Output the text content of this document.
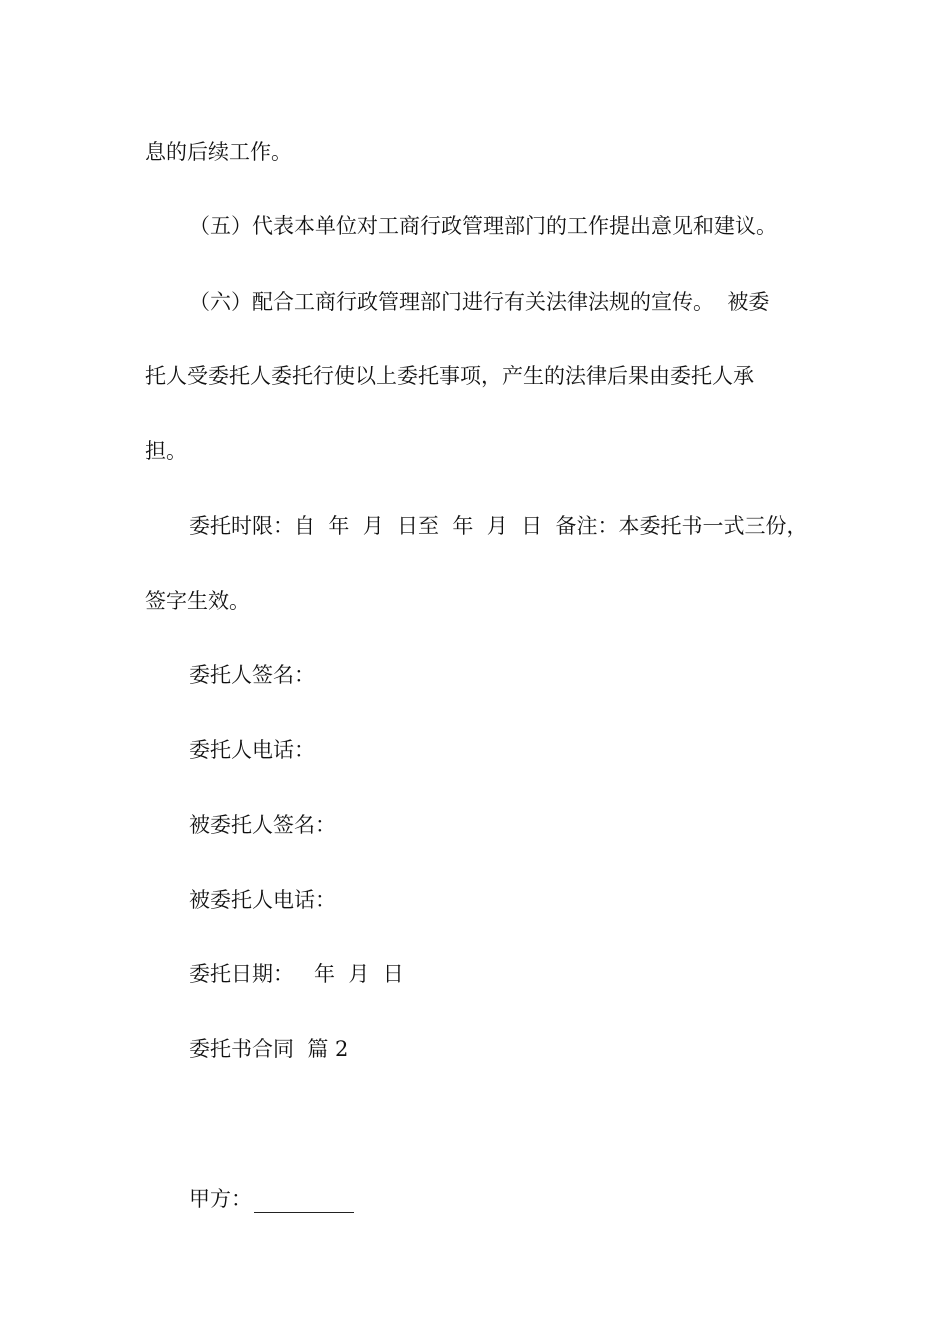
息的后续工作。
（五）代表本单位对工商行政管理部门的工作提出意见和建议。
（六）配合工商行政管理部门进行有关法律法规的宣传。  被委
托人受委托人委托行使以上委托事项，产生的法律后果由委托人承
担。
委托时限：自  年  月  日至  年  月  日  备注：本委托书一式三份，
签字生效。
委托人签名：
委托人电话：
被委托人签名：
被委托人电话：
委托日期：   年  月  日
委托书合同  篇 2
甲方：
